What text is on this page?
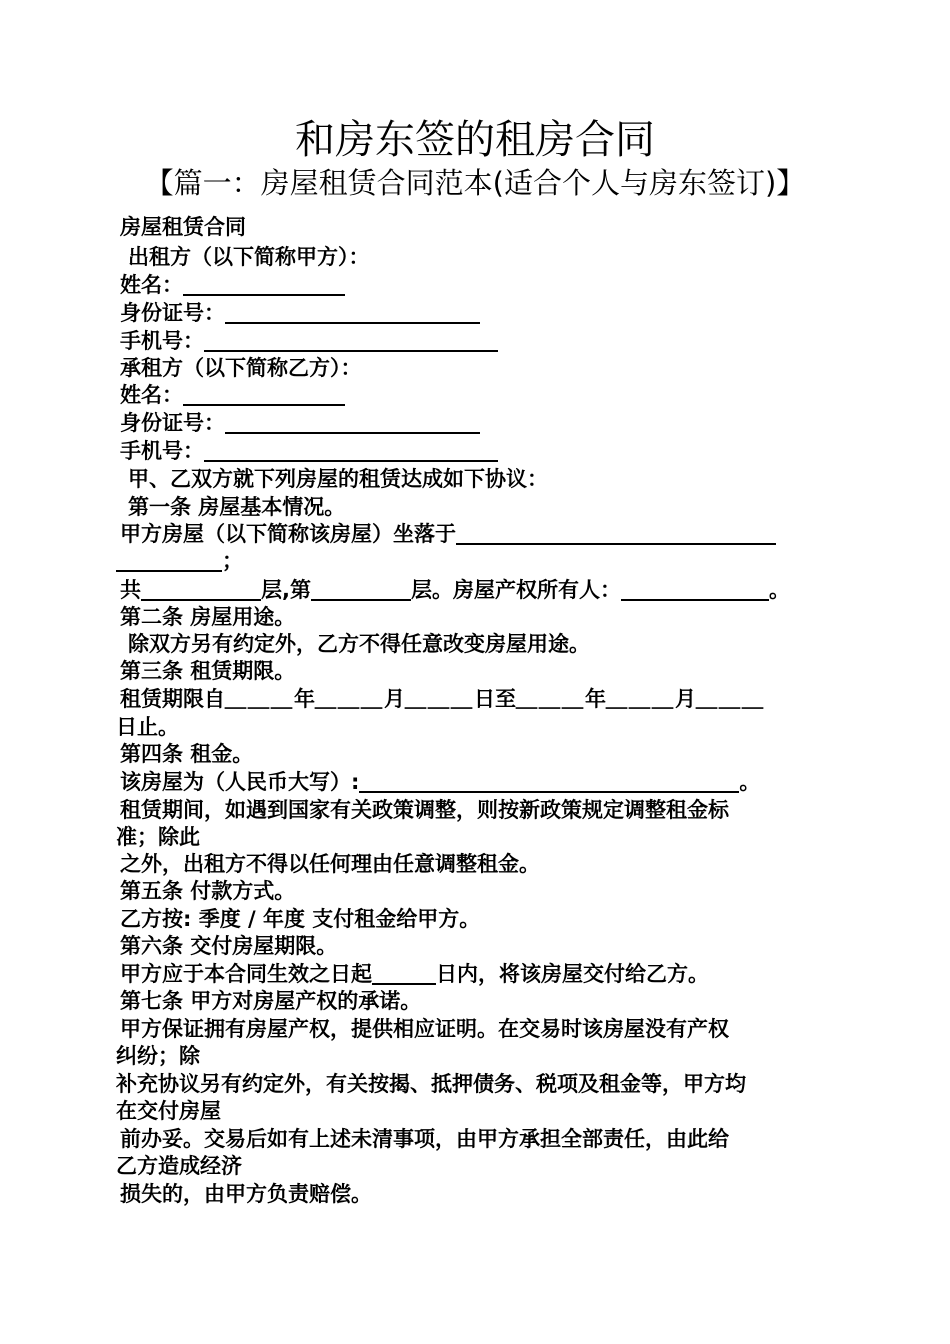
和房东签的租房合同
【篇一：房屋租赁合同范本(适合个人与房东签订)】
房屋租赁合同
出租方（以下简称甲方）：
姓名：
身份证号：
手机号：
承租方（以下简称乙方）：
姓名：
身份证号：
手机号：
甲、乙双方就下列房屋的租赁达成如下协议：
第一条 房屋基本情况。
甲方房屋（以下简称该房屋）坐落于
；
共	层,第	层。房屋产权所有人：	。
第二条 房屋用途。
除双方另有约定外，乙方不得任意改变房屋用途。
第三条 租赁期限。
租赁期限自＿＿＿年＿＿＿月＿＿＿日至＿＿＿年＿＿＿月＿＿＿
日止。
第四条 租金。
该房屋为（人民币大写）:	。
租赁期间，如遇到国家有关政策调整，则按新政策规定调整租金标
准；除此
之外，出租方不得以任何理由任意调整租金。
第五条 付款方式。
乙方按: 季度 / 年度 支付租金给甲方。
第六条 交付房屋期限。
甲方应于本合同生效之日起	日内，将该房屋交付给乙方。
第七条 甲方对房屋产权的承诺。
甲方保证拥有房屋产权，提供相应证明。在交易时该房屋没有产权
纠纷；除
补充协议另有约定外，有关按揭、抵押债务、税项及租金等，甲方均
在交付房屋
前办妥。交易后如有上述未清事项，由甲方承担全部责任，由此给
乙方造成经济
损失的，由甲方负责赔偿。
